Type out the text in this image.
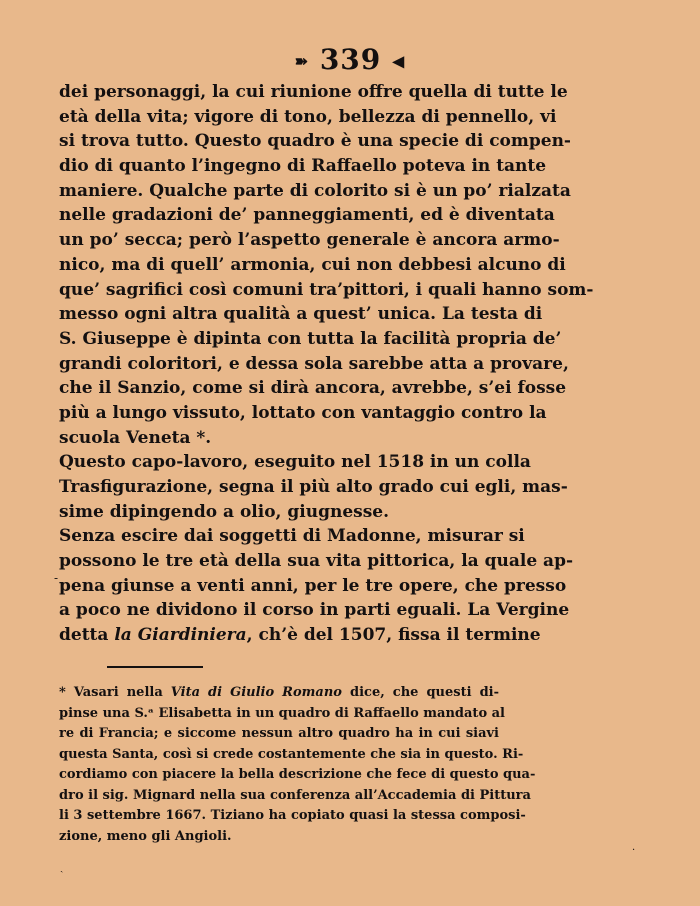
➽ 339 ◀
dei personaggi, la cui riunione offre quella di tutte le
età della vita; vigore di tono, bellezza di pennello, vi
si trova tutto. Questo quadro è una specie di compen-
dio di quanto l’ingegno di Raffaello poteva in tante
maniere. Qualche parte di colorito si è un po’ rialzata
nelle gradazioni de’ panneggiamenti, ed è diventata
un po’ secca; però l’aspetto generale è ancora armo-
nico, ma di quell’ armonia, cui non debbesi alcuno di
que’ sagrifici così comuni tra’pittori, i quali hanno som-
messo ogni altra qualità a quest’ unica. La testa di
S. Giuseppe è dipinta con tutta la facilità propria de’
grandi coloritori, e dessa sola sarebbe atta a provare,
che il Sanzio, come si dirà ancora, avrebbe, s’ei fosse
più a lungo vissuto, lottato con vantaggio contro la
scuola Veneta *.
Questo capo-lavoro, eseguito nel 1518 in un colla
Trasfigurazione, segna il più alto grado cui egli, mas-
sime dipingendo a olio, giugnesse.
Senza escire dai soggetti di Madonne, misurar si
possono le tre età della sua vita pittorica, la quale ap-
pena giunse a venti anni, per le tre opere, che presso
a poco ne dividono il corso in parti eguali. La Vergine
detta la Giardiniera, ch’è del 1507, fissa il termine
-
* Vasari nella Vita di Giulio Romano dice, che questi di-
pinse una S.ᵃ Elisabetta in un quadro di Raffaello mandato al
re di Francia; e siccome nessun altro quadro ha in cui siavi
questa Santa, così si crede costantemente che sia in questo. Ri-
cordiamo con piacere la bella descrizione che fece di questo qua-
dro il sig. Mignard nella sua conferenza all’Accademia di Pittura
li 3 settembre 1667. Tiziano ha copiato quasi la stessa composi-
zione, meno gli Angioli.
·
ˏ
